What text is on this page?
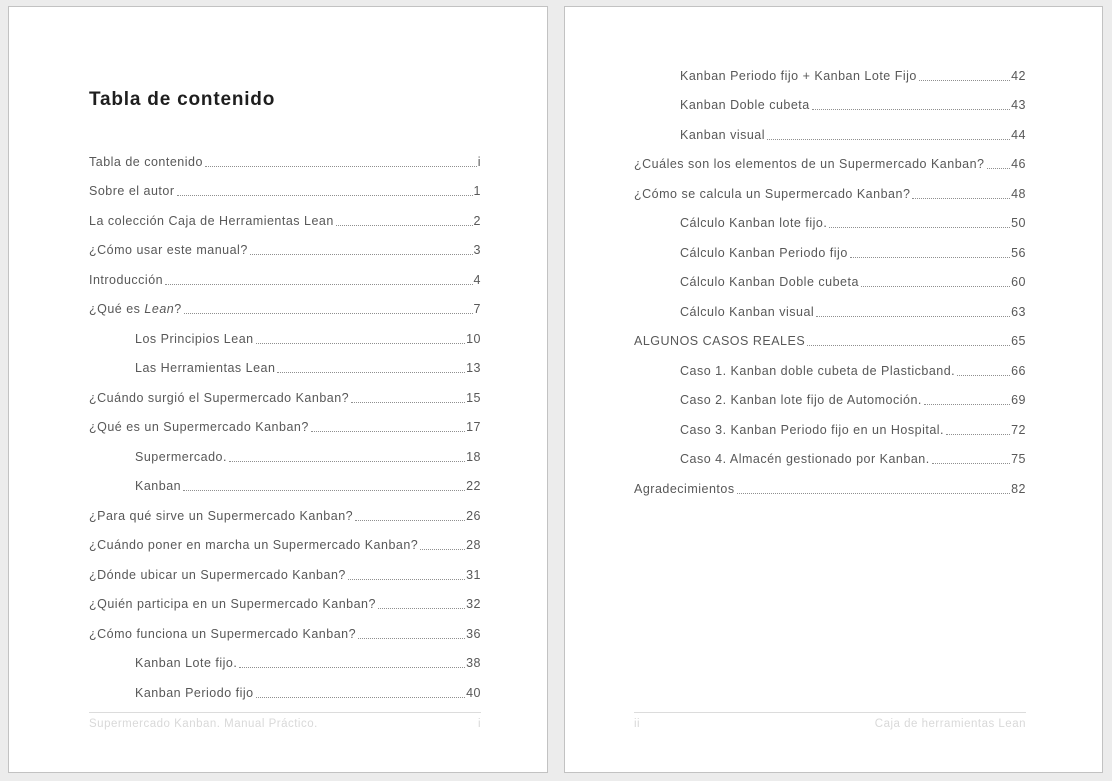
Tabla de contenido
Tabla de contenido	i
Sobre el autor	1
La colección Caja de Herramientas Lean	2
¿Cómo usar este manual?	3
Introducción	4
¿Qué es Lean?	7
Los Principios Lean	10
Las Herramientas Lean	13
¿Cuándo surgió el Supermercado Kanban?	15
¿Qué es un Supermercado Kanban?	17
Supermercado.	18
Kanban	22
¿Para qué sirve un Supermercado Kanban?	26
¿Cuándo poner en marcha un Supermercado Kanban?	28
¿Dónde ubicar un Supermercado Kanban?	31
¿Quién participa en un Supermercado Kanban?	32
¿Cómo funciona un Supermercado Kanban?	36
Kanban Lote fijo.	38
Kanban Periodo fijo	40
Supermercado Kanban. Manual Práctico.	i
Kanban Periodo fijo + Kanban Lote Fijo	42
Kanban Doble cubeta	43
Kanban visual	44
¿Cuáles son los elementos de un Supermercado Kanban? 46
¿Cómo se calcula un Supermercado Kanban?	48
Cálculo Kanban lote fijo.	50
Cálculo Kanban Periodo fijo	56
Cálculo Kanban Doble cubeta	60
Cálculo Kanban visual	63
ALGUNOS CASOS REALES	65
Caso 1. Kanban doble cubeta de Plasticband.	66
Caso 2. Kanban lote fijo de Automoción.	69
Caso 3. Kanban Periodo fijo en un Hospital.	72
Caso 4. Almacén gestionado por Kanban.	75
Agradecimientos	82
ii	Caja de herramientas Lean
